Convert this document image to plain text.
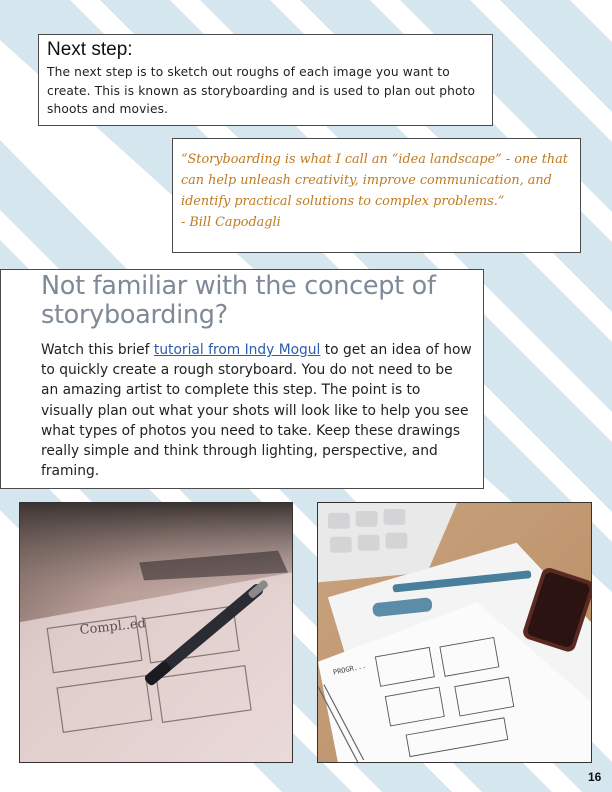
Next step:

The next step is to sketch out roughs of each image you want to create. This is known as storyboarding and is used to plan out photo shoots and movies.

“Storyboarding is what I call an “idea landscape” - one that can help unleash creativity, improve communication, and identify practical solutions to complex problems.”
- Bill Capodagli

Not familiar with the concept of storyboarding?

Watch this brief tutorial from Indy Mogul to get an idea of how to quickly create a rough storyboard. You do not need to be an amazing artist to complete this step. The point is to visually plan out what your shots will look like to help you see what types of photos you need to take. Keep these drawings really simple and think through lighting, perspective, and framing.

Compl..ed
PROGR...
16
